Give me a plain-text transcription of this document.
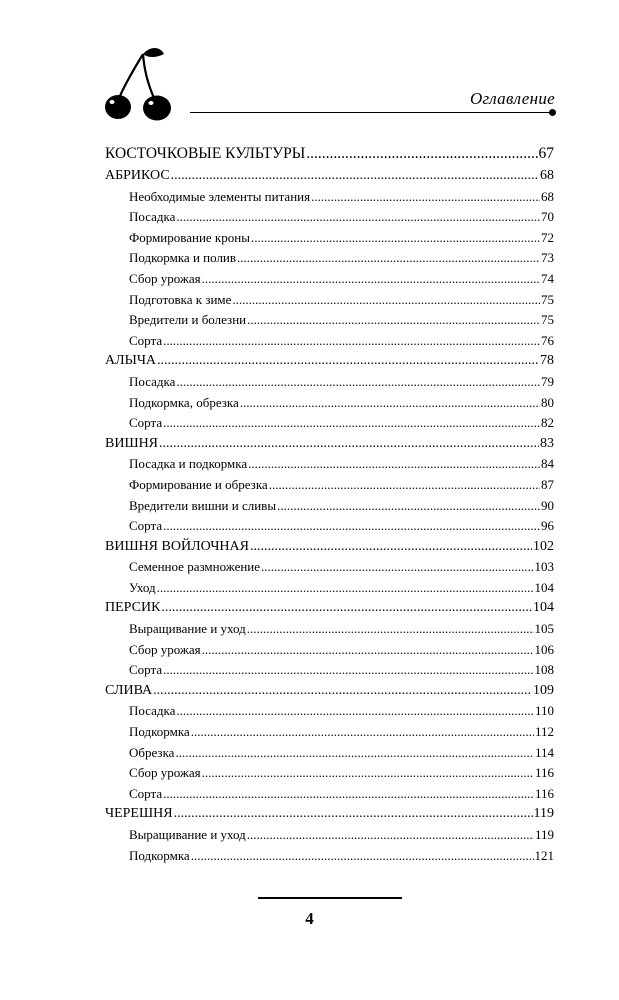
Оглавление
КОСТОЧКОВЫЕ КУЛЬТУРЫ .....	67
АБРИКОС .....	68
Необходимые элементы питания .....	68
Посадка .....	70
Формирование кроны .....	72
Подкормка и полив .....	73
Сбор урожая .....	74
Подготовка к зиме .....	75
Вредители и болезни .....	75
Сорта .....	76
АЛЫЧА .....	78
Посадка .....	79
Подкормка, обрезка .....	80
Сорта .....	82
ВИШНЯ .....	83
Посадка и подкормка .....	84
Формирование и обрезка .....	87
Вредители вишни и сливы .....	90
Сорта .....	96
ВИШНЯ ВОЙЛОЧНАЯ .....	102
Семенное размножение .....	103
Уход .....	104
ПЕРСИК .....	104
Выращивание и уход .....	105
Сбор урожая .....	106
Сорта .....	108
СЛИВА .....	109
Посадка .....	110
Подкормка .....	112
Обрезка .....	114
Сбор урожая .....	116
Сорта .....	116
ЧЕРЕШНЯ .....	119
Выращивание и уход .....	119
Подкормка .....	121
4
